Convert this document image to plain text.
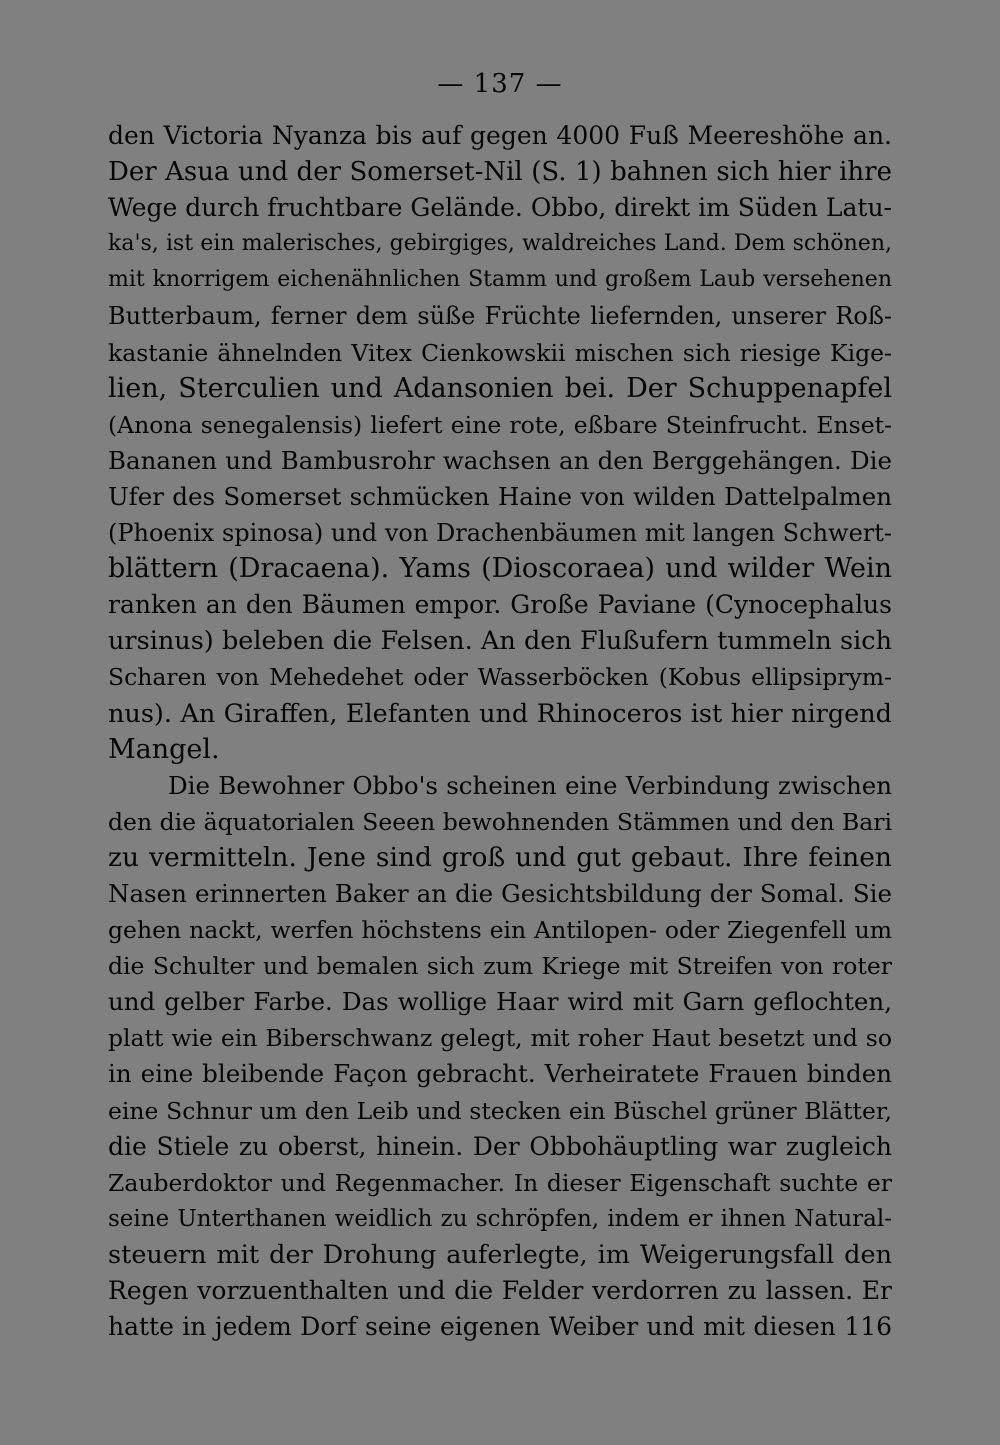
— 137 —
den Victoria Nyanza bis auf gegen 4000 Fuß Meereshöhe an.
Der Asua und der Somerset-Nil (S. 1) bahnen sich hier ihre
Wege durch fruchtbare Gelände. Obbo, direkt im Süden Latu-
ka's, ist ein malerisches, gebirgiges, waldreiches Land. Dem schönen,
mit knorrigem eichenähnlichen Stamm und großem Laub versehenen
Butterbaum, ferner dem süße Früchte liefernden, unserer Roß-
kastanie ähnelnden Vitex Cienkowskii mischen sich riesige Kige-
lien, Sterculien und Adansonien bei. Der Schuppenapfel
(Anona senegalensis) liefert eine rote, eßbare Steinfrucht. Enset-
Bananen und Bambusrohr wachsen an den Berggehängen. Die
Ufer des Somerset schmücken Haine von wilden Dattelpalmen
(Phoenix spinosa) und von Drachenbäumen mit langen Schwert-
blättern (Dracaena). Yams (Dioscoraea) und wilder Wein
ranken an den Bäumen empor. Große Paviane (Cynocephalus
ursinus) beleben die Felsen. An den Flußufern tummeln sich
Scharen von Mehedehet oder Wasserböcken (Kobus ellipsiprym-
nus). An Giraffen, Elefanten und Rhinoceros ist hier nirgend
Mangel.
Die Bewohner Obbo's scheinen eine Verbindung zwischen
den die äquatorialen Seeen bewohnenden Stämmen und den Bari
zu vermitteln. Jene sind groß und gut gebaut. Ihre feinen
Nasen erinnerten Baker an die Gesichtsbildung der Somal. Sie
gehen nackt, werfen höchstens ein Antilopen- oder Ziegenfell um
die Schulter und bemalen sich zum Kriege mit Streifen von roter
und gelber Farbe. Das wollige Haar wird mit Garn geflochten,
platt wie ein Biberschwanz gelegt, mit roher Haut besetzt und so
in eine bleibende Façon gebracht. Verheiratete Frauen binden
eine Schnur um den Leib und stecken ein Büschel grüner Blätter,
die Stiele zu oberst, hinein. Der Obbohäuptling war zugleich
Zauberdoktor und Regenmacher. In dieser Eigenschaft suchte er
seine Unterthanen weidlich zu schröpfen, indem er ihnen Natural-
steuern mit der Drohung auferlegte, im Weigerungsfall den
Regen vorzuenthalten und die Felder verdorren zu lassen. Er
hatte in jedem Dorf seine eigenen Weiber und mit diesen 116
